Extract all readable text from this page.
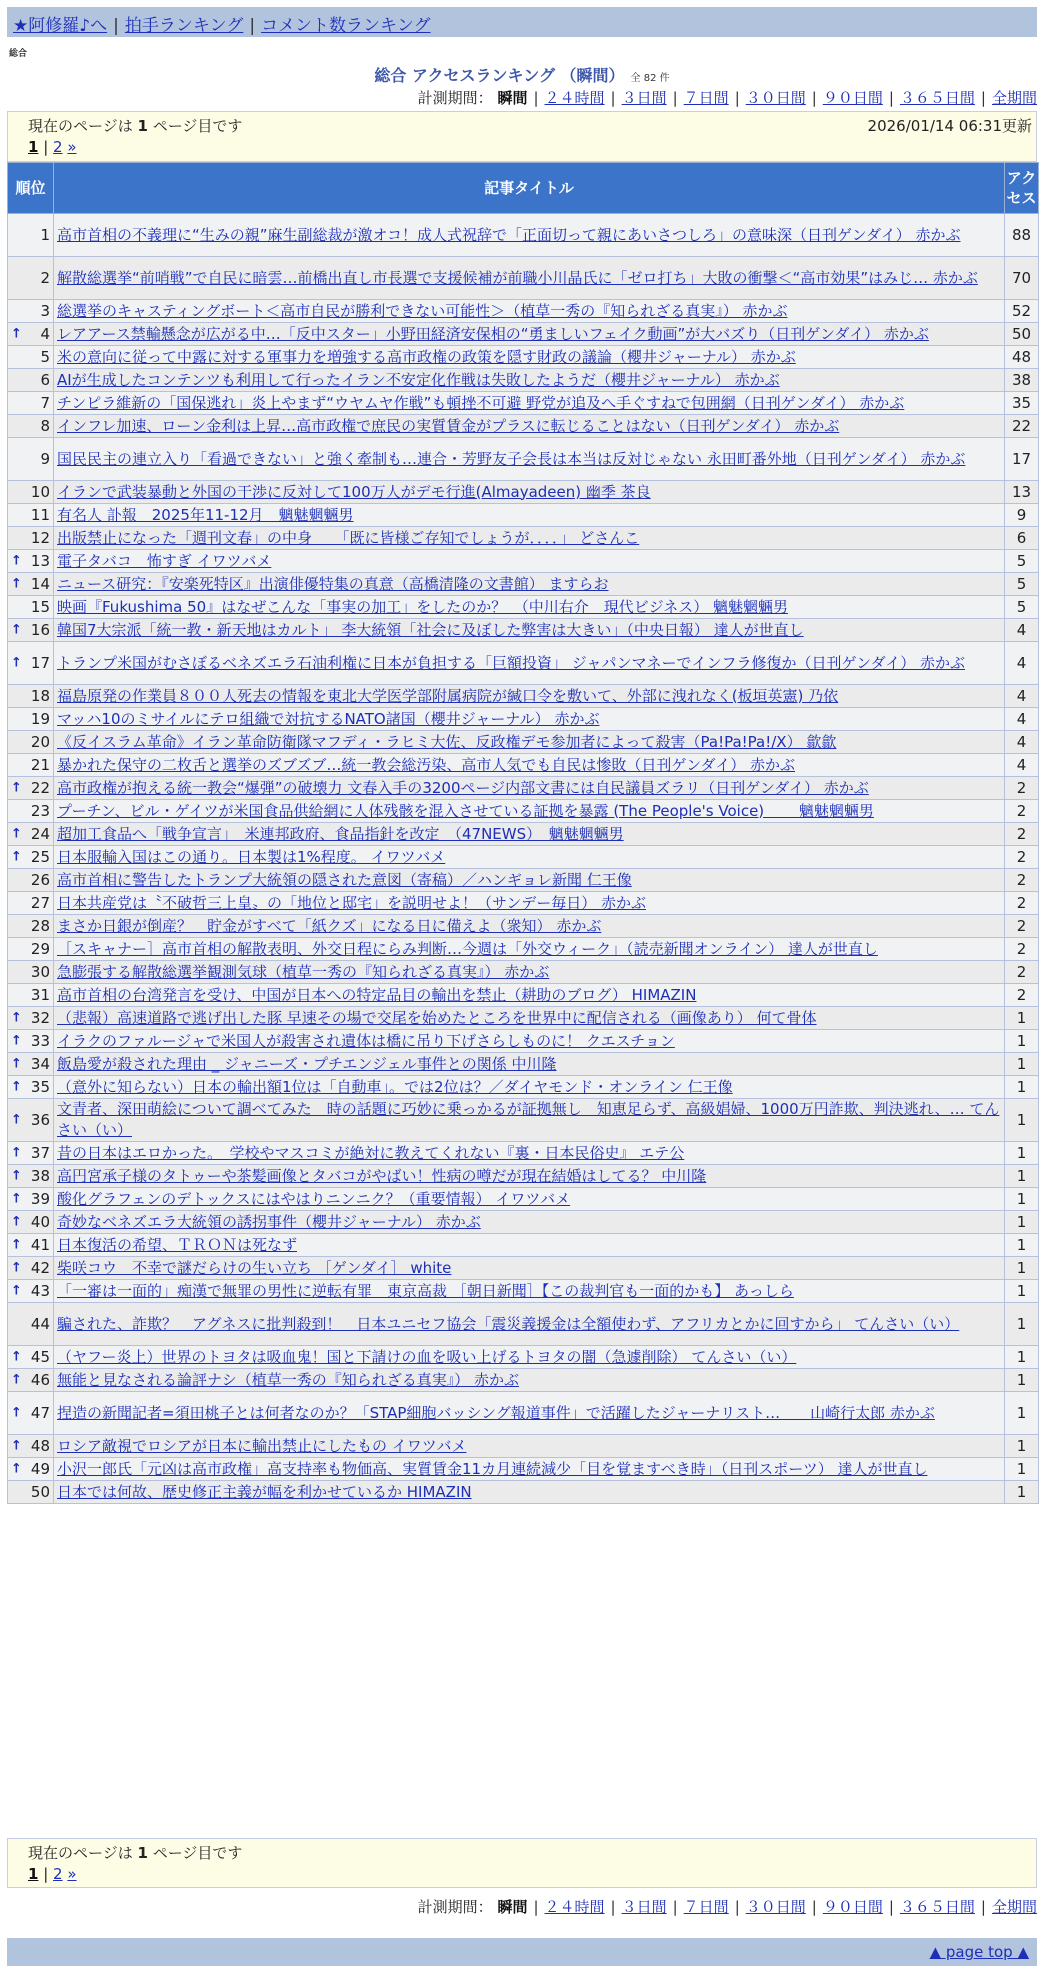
★阿修羅♪へ | 拍手ランキング | コメント数ランキング
総合
総合 アクセスランキング （瞬間） 全 82 件
計測期間： 瞬間 | ２４時間 | ３日間 | ７日間 | ３０日間 | ９０日間 | ３６５日間 | 全期間
現在のページは 1 ページ目です	2026/01/14 06:31更新
1 | 2 »
順位	記事タイトル	アクセス
1	高市首相の不義理に“生みの親”麻生副総裁が激オコ！成人式祝辞で「正面切って親にあいさつしろ」の意味深（日刊ゲンダイ） 赤かぶ	88
2	解散総選挙“前哨戦”で自民に暗雲…前橋出直し市長選で支援候補が前職小川晶氏に「ゼロ打ち」大敗の衝撃＜“高市効果”はみじ… 赤かぶ	70
3	総選挙のキャスティングボート＜高市自民が勝利できない可能性＞（植草一秀の『知られざる真実』） 赤かぶ	52

↑ 4	レアアース禁輸懸念が広がる中…「反中スター」小野田経済安保相の“勇ましいフェイク動画”が大バズり（日刊ゲンダイ） 赤かぶ	50
5	米の意向に従って中露に対する軍事力を増強する高市政権の政策を隠す財政の議論（櫻井ジャーナル） 赤かぶ	48
6	AIが生成したコンテンツも利用して行ったイラン不安定化作戦は失敗したようだ（櫻井ジャーナル） 赤かぶ	38
7	チンピラ維新の「国保逃れ」炎上やまず“ウヤムヤ作戦”も頓挫不可避 野党が追及へ手ぐすねで包囲網（日刊ゲンダイ） 赤かぶ	35
8	インフレ加速、ローン金利は上昇…高市政権で庶民の実質賃金がプラスに転じることはない（日刊ゲンダイ） 赤かぶ	22
9	国民民主の連立入り「看過できない」と強く牽制も…連合・芳野友子会長は本当は反対じゃない 永田町番外地（日刊ゲンダイ） 赤かぶ	17
10	イランで武装暴動と外国の干渉に反対して100万人がデモ行進(Almayadeen) 幽季 茶良	13
11	有名人 訃報　2025年11-12月　魑魅魍魎男	9
12	出版禁止になった「週刊文春」の中身　　「既に皆様ご存知でしょうが．．．．」 どさんこ	6

↑ 13	電子タバコ　怖すぎ イワツバメ	5

↑ 14	ニュース研究：『安楽死特区』出演俳優特集の真意（高橋清隆の文書館） ますらお	5
15	映画『Fukushima 50』はなぜこんな「事実の加工」をしたのか？　（中川右介　現代ビジネス） 魑魅魍魎男	5

↑ 16	韓国7大宗派「統一教・新天地はカルト」 李大統領「社会に及ぼした弊害は大きい」（中央日報） 達人が世直し	4

↑ 17	トランプ米国がむさぼるベネズエラ石油利権に日本が負担する「巨額投資」 ジャパンマネーでインフラ修復か（日刊ゲンダイ） 赤かぶ	4
18	福島原発の作業員８００人死去の情報を東北大学医学部附属病院が緘口令を敷いて、外部に洩れなく(板垣英憲) 乃依	4
19	マッハ10のミサイルにテロ組織で対抗するNATO諸国（櫻井ジャーナル） 赤かぶ	4
20	《反イスラム革命》イラン革命防衛隊マフディ・ラヒミ大佐、反政権デモ参加者によって殺害（Pa!Pa!Pa!/X） 歙歙	4
21	暴かれた保守の二枚舌と選挙のズブズブ…統一教会総汚染、高市人気でも自民は惨敗（日刊ゲンダイ） 赤かぶ	4

↑ 22	高市政権が抱える統一教会“爆弾”の破壊力 文春入手の3200ページ内部文書には自民議員ズラリ（日刊ゲンダイ） 赤かぶ	2
23	プーチン、ビル・ゲイツが米国食品供給網に人体残骸を混入させている証拠を暴露 (The People's Voice)　　 魑魅魍魎男	2

↑ 24	超加工食品へ「戦争宣言」　米連邦政府、食品指針を改定　（47NEWS）　魑魅魍魎男	2

↑ 25	日本服輸入国はこの通り。日本製は1%程度。 イワツバメ	2
26	高市首相に警告したトランプ大統領の隠された意図（寄稿）／ハンギョレ新聞 仁王像	2
27	日本共産党は〝不破哲三上皇〟の「地位と邸宅」を説明せよ！（サンデー毎日） 赤かぶ	2
28	まさか日銀が倒産？　貯金がすべて「紙クズ」になる日に備えよ（衆知） 赤かぶ	2
29	［スキャナー］高市首相の解散表明、外交日程にらみ判断…今週は「外交ウィーク」（読売新聞オンライン） 達人が世直し	2
30	急膨張する解散総選挙観測気球（植草一秀の『知られざる真実』） 赤かぶ	2
31	高市首相の台湾発言を受け、中国が日本への特定品目の輸出を禁止（耕助のブログ） HIMAZIN	2

↑ 32	（悲報）高速道路で逃げ出した豚 早速その場で交尾を始めたところを世界中に配信される（画像あり） 何て骨体	1

↑ 33	イラクのファルージャで米国人が殺害され遺体は橋に吊り下げさらしものに！ クエスチョン	1

↑ 34	飯島愛が殺された理由 _ ジャニーズ・プチエンジェル事件との関係 中川隆	1

↑ 35	（意外に知らない）日本の輸出額1位は「自動車」。では2位は？／ダイヤモンド・オンライン 仁王像	1

↑ 36	文青者、深田萌絵について調べてみた　時の話題に巧妙に乗っかるが証拠無し　知恵足らず、高級娼婦、1000万円詐欺、判決逃れ、… てんさい（い）	1

↑ 37	昔の日本はエロかった。　学校やマスコミが絶対に教えてくれない『裏・日本民俗史』 エテ公	1

↑ 38	高円宮承子様のタトゥーや茶髪画像とタバコがやばい！性病の噂だが現在結婚はしてる？ 中川隆	1

↑ 39	酸化グラフェンのデトックスにはやはりニンニク？（重要情報） イワツバメ	1

↑ 40	奇妙なベネズエラ大統領の誘拐事件（櫻井ジャーナル） 赤かぶ	1

↑ 41	日本復活の希望、ＴＲＯＮは死なず	1

↑ 42	柴咲コウ　不幸で謎だらけの生い立ち ［ゲンダイ］ white	1

↑ 43	「一審は一面的」痴漢で無罪の男性に逆転有罪　東京高裁 ［朝日新聞］【この裁判官も一面的かも】 あっしら	1
44	騙された、詐欺？　アグネスに批判殺到！　日本ユニセフ協会「震災義援金は全額使わず、アフリカとかに回すから」 てんさい（い）	1

↑ 45	（ヤフー炎上）世界のトヨタは吸血鬼！国と下請けの血を吸い上げるトヨタの闇（急遽削除） てんさい（い）	1

↑ 46	無能と見なされる論評ナシ（植草一秀の『知られざる真実』） 赤かぶ	1

↑ 47	捏造の新聞記者=須田桃子とは何者なのか？「STAP細胞バッシング報道事件」で活躍したジャーナリスト…　　山崎行太郎 赤かぶ	1

↑ 48	ロシア敵視でロシアが日本に輸出禁止にしたもの イワツバメ	1

↑ 49	小沢一郎氏「元凶は高市政権」高支持率も物価高、実質賃金11カ月連続減少「目を覚ますべき時」（日刊スポーツ） 達人が世直し	1
50	日本では何故、歴史修正主義が幅を利かせているか HIMAZIN	1
現在のページは 1 ページ目です
1 | 2 »
計測期間： 瞬間 | ２４時間 | ３日間 | ７日間 | ３０日間 | ９０日間 | ３６５日間 | 全期間
▲ page top ▲
